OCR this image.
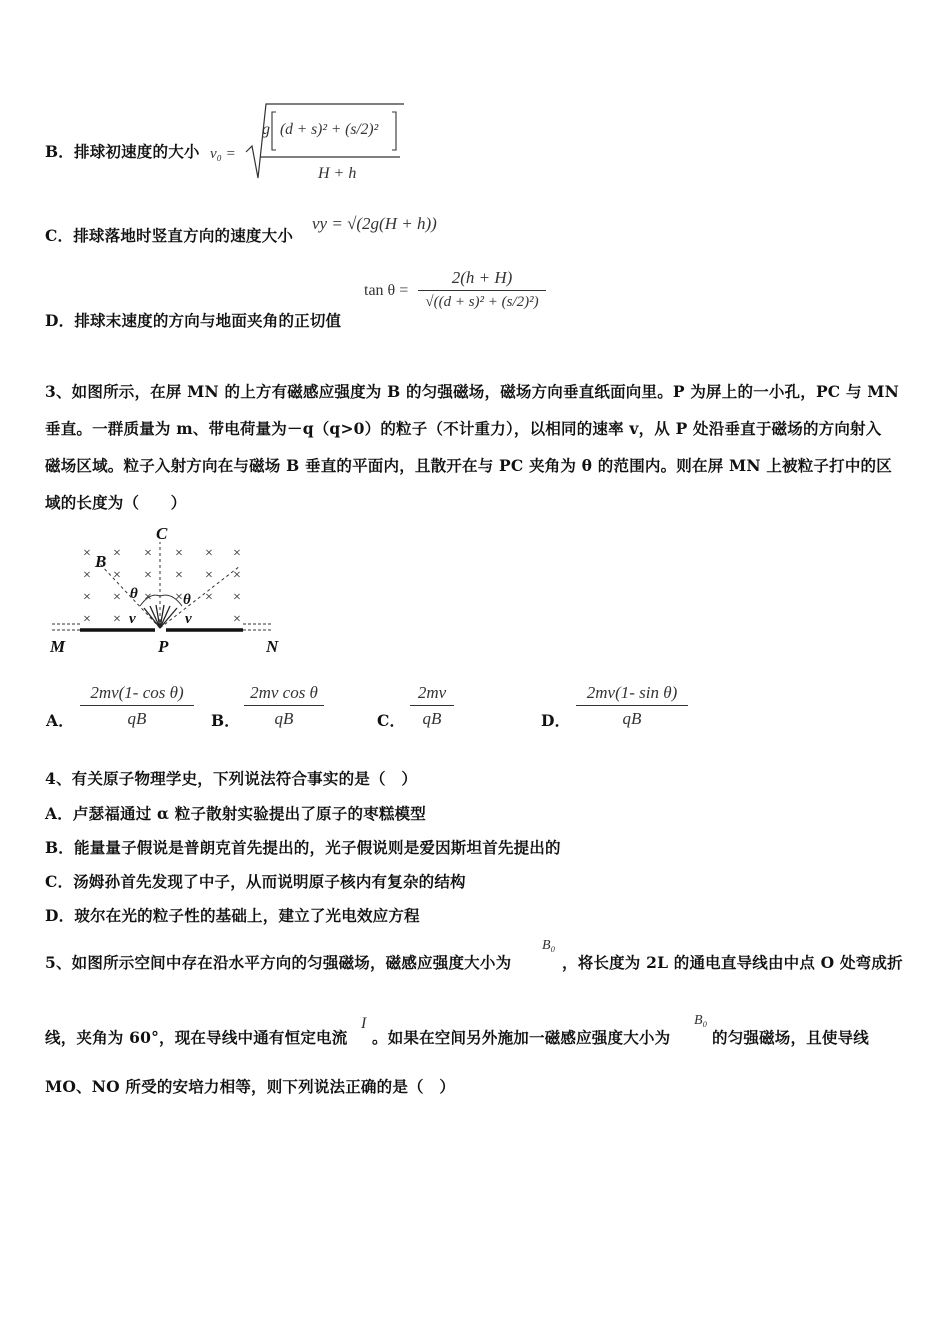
B．排球初速度的大小 v₀ =
g (d + s)² + (s/2)²
H + h
C．排球落地时竖直方向的速度大小
vy = √(2g(H + h))
D．排球末速度的方向与地面夹角的正切值
$\tan \theta = \frac{2(h + H)}{\text{√((d + s)² + (s/2)²)}}$
3、如图所示，在屏 MN 的上方有磁感应强度为 B 的匀强磁场，磁场方向垂直纸面向里。P 为屏上的一小孔，PC 与 MN
垂直。一群质量为 m、带电荷量为－q（q>0）的粒子（不计重力），以相同的速率 v，从 P 处沿垂直于磁场的方向射入
磁场区域。粒子入射方向在与磁场 B 垂直的平面内，且散开在与 PC 夹角为 θ 的范围内。则在屏 MN 上被粒子打中的区
域的长度为（　　）
× × × × × ×
× × × × × ×
× × × × × ×
× ×	×
C
B
M	P	N
θ	θ
v	v
A． $\frac{\text{2mv(1- cos θ)}}{qB}$ B． $\frac{\text{2mv cos θ}}{qB}$	C． $\frac{2mv}{qB}$	D． $\frac{\text{2mv(1- sin θ)}}{qB}$
4、有关原子物理学史，下列说法符合事实的是（　）
A．卢瑟福通过 α 粒子散射实验提出了原子的枣糕模型
B．能量量子假说是普朗克首先提出的，光子假说则是爱因斯坦首先提出的
C．汤姆孙首先发现了中子，从而说明原子核内有复杂的结构
D．玻尔在光的粒子性的基础上，建立了光电效应方程
5、如图所示空间中存在沿水平方向的匀强磁场，磁感应强度大小为
B₀
，将长度为 2L 的通电直导线由中点 O 处弯成折
线，夹角为 60°，现在导线中通有恒定电流
I
。如果在空间另外施加一磁感应强度大小为
B₀
的匀强磁场，且使导线
MO、NO 所受的安培力相等，则下列说法正确的是（　）
